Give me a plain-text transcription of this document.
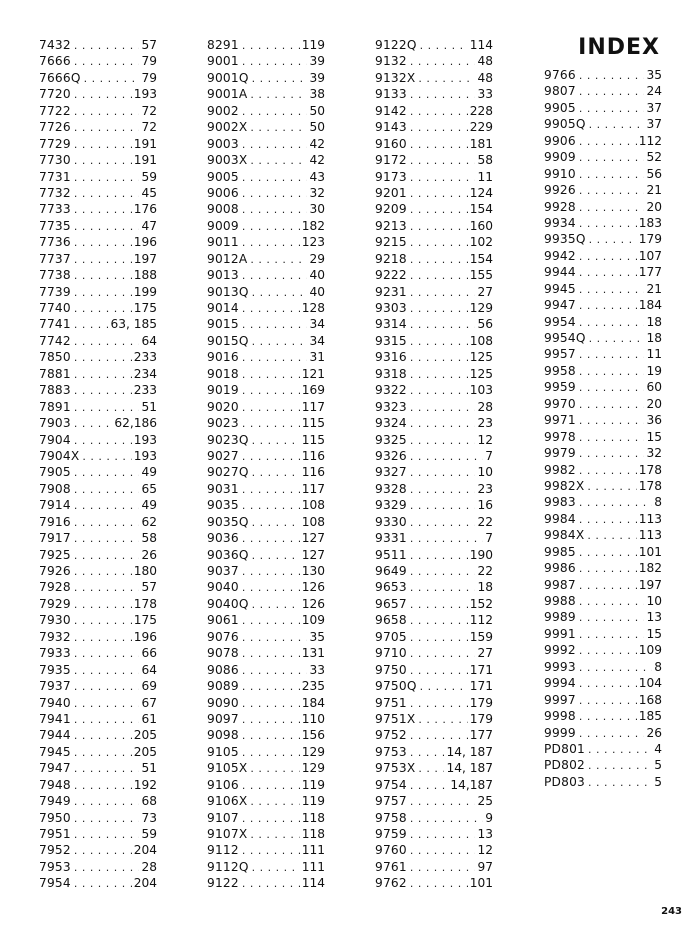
INDEX
7432 . . .	57
7666 . . .	79
7666Q . . .	79
7720 . . .	193
7722 . . .	72
7726 . . .	72
7729 . . .	191
7730 . . .	191
7731 . . .	59
7732 . . .	45
7733 . . .	176
7735 . . .	47
7736 . . .	196
7737 . . .	197
7738 . . .	188
7739 . . .	199
7740 . . .	175
7741 . . .	63, 185
7742 . . .	64
7850 . . .	233
7881 . . .	234
7883 . . .	233
7891 . . .	51
7903 . . .	62,186
7904 . . .	193
7904X . . .	193
7905 . . .	49
7908 . . .	65
7914 . . .	49
7916 . . .	62
7917 . . .	58
7925 . . .	26
7926 . . .	180
7928 . . .	57
7929 . . .	178
7930 . . .	175
7932 . . .	196
7933 . . .	66
7935 . . .	64
7937 . . .	69
7940 . . .	67
7941 . . .	61
7944 . . .	205
7945 . . .	205
7947 . . .	51
7948 . . .	192
7949 . . .	68
7950 . . .	73
7951 . . .	59
7952 . . .	204
7953 . . .	28
7954 . . .	204
8291 . . .	119
9001 . . .	39
9001Q . . .	39
9001A . . .	38
9002 . . .	50
9002X . . .	50
9003 . . .	42
9003X . . .	42
9005 . . .	43
9006 . . .	32
9008 . . .	30
9009 . . .	182
9011 . . .	123
9012A . . .	29
9013 . . .	40
9013Q . . .	40
9014 . . .	128
9015 . . .	34
9015Q . . .	34
9016 . . .	31
9018 . . .	121
9019 . . .	169
9020 . . .	117
9023 . . .	115
9023Q . . .	115
9027 . . .	116
9027Q . . .	116
9031 . . .	117
9035 . . .	108
9035Q . . .	108
9036 . . .	127
9036Q . . .	127
9037 . . .	130
9040 . . .	126
9040Q . . .	126
9061 . . .	109
9076 . . .	35
9078 . . .	131
9086 . . .	33
9089 . . .	235
9090 . . .	184
9097 . . .	110
9098 . . .	156
9105 . . .	129
9105X . . .	129
9106 . . .	119
9106X . . .	119
9107 . . .	118
9107X . . .	118
9112 . . .	111
9112Q . . .	111
9122 . . .	114
9122Q . . .	114
9132 . . .	48
9132X . . .	48
9133 . . .	33
9142 . . .	228
9143 . . .	229
9160 . . .	181
9172 . . .	58
9173 . . .	11
9201 . . .	124
9209 . . .	154
9213 . . .	160
9215 . . .	102
9218 . . .	154
9222 . . .	155
9231 . . .	27
9303 . . .	129
9314 . . .	56
9315 . . .	108
9316 . . .	125
9318 . . .	125
9322 . . .	103
9323 . . .	28
9324 . . .	23
9325 . . .	12
9326 . . .	7
9327 . . .	10
9328 . . .	23
9329 . . .	16
9330 . . .	22
9331 . . .	7
9511 . . .	190
9649 . . .	22
9653 . . .	18
9657 . . .	152
9658 . . .	112
9705 . . .	159
9710 . . .	27
9750 . . .	171
9750Q . . .	171
9751 . . .	179
9751X . . .	179
9752 . . .	177
9753 . . .	14, 187
9753X . . .	14, 187
9754 . . .	14,187
9757 . . .	25
9758 . . .	9
9759 . . .	13
9760 . . .	12
9761 . . .	97
9762 . . .	101
9766 . . .	35
9807 . . .	24
9905 . . .	37
9905Q . . .	37
9906 . . .	112
9909 . . .	52
9910 . . .	56
9926 . . .	21
9928 . . .	20
9934 . . .	183
9935Q . . .	179
9942 . . .	107
9944 . . .	177
9945 . . .	21
9947 . . .	184
9954 . . .	18
9954Q . . .	18
9957 . . .	11
9958 . . .	19
9959 . . .	60
9970 . . .	20
9971 . . .	36
9978 . . .	15
9979 . . .	32
9982 . . .	178
9982X . . .	178
9983 . . .	8
9984 . . .	113
9984X . . .	113
9985 . . .	101
9986 . . .	182
9987 . . .	197
9988 . . .	10
9989 . . .	13
9991 . . .	15
9992 . . .	109
9993 . . .	8
9994 . . .	104
9997 . . .	168
9998 . . .	185
9999 . . .	26
PD801 . . .	4
PD802 . . .	5
PD803 . . .	5
243
